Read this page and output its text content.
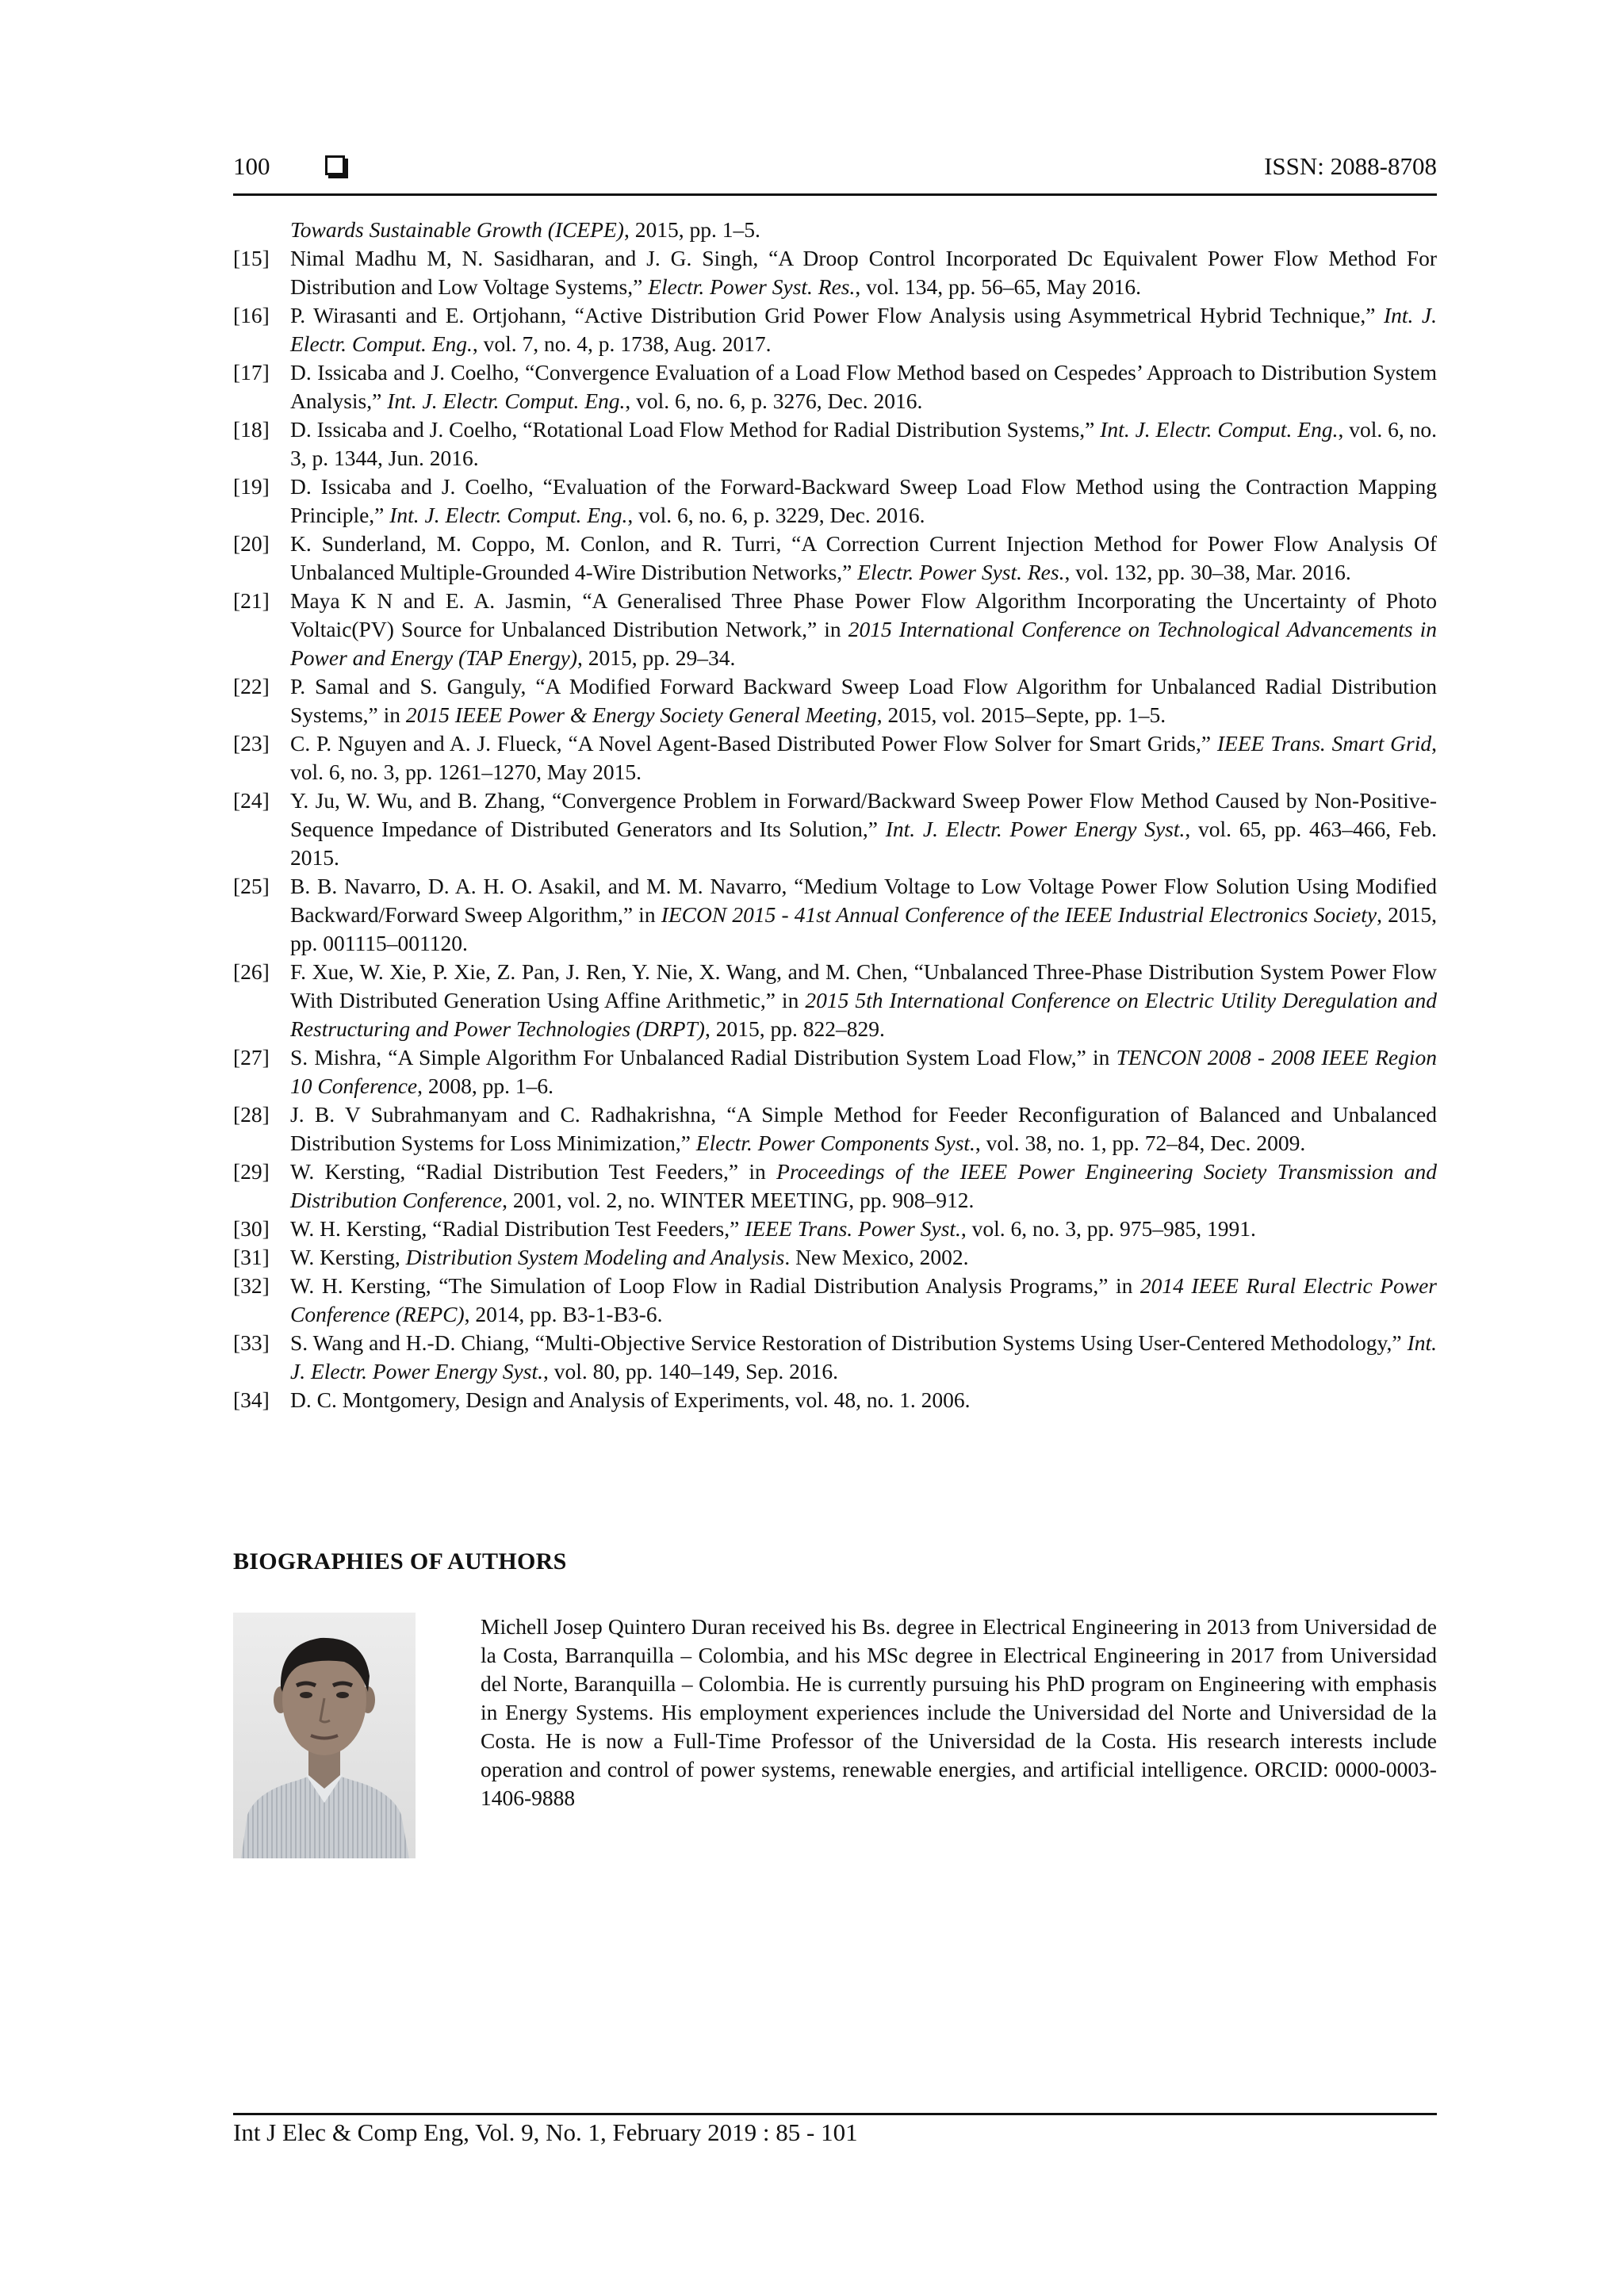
100	ISSN: 2088-8708
Towards Sustainable Growth (ICEPE), 2015, pp. 1–5.
[15] Nimal Madhu M, N. Sasidharan, and J. G. Singh, “A Droop Control Incorporated Dc Equivalent Power Flow Method For Distribution and Low Voltage Systems,” Electr. Power Syst. Res., vol. 134, pp. 56–65, May 2016.
[16] P. Wirasanti and E. Ortjohann, “Active Distribution Grid Power Flow Analysis using Asymmetrical Hybrid Technique,” Int. J. Electr. Comput. Eng., vol. 7, no. 4, p. 1738, Aug. 2017.
[17] D. Issicaba and J. Coelho, “Convergence Evaluation of a Load Flow Method based on Cespedes’ Approach to Distribution System Analysis,” Int. J. Electr. Comput. Eng., vol. 6, no. 6, p. 3276, Dec. 2016.
[18] D. Issicaba and J. Coelho, “Rotational Load Flow Method for Radial Distribution Systems,” Int. J. Electr. Comput. Eng., vol. 6, no. 3, p. 1344, Jun. 2016.
[19] D. Issicaba and J. Coelho, “Evaluation of the Forward-Backward Sweep Load Flow Method using the Contraction Mapping Principle,” Int. J. Electr. Comput. Eng., vol. 6, no. 6, p. 3229, Dec. 2016.
[20] K. Sunderland, M. Coppo, M. Conlon, and R. Turri, “A Correction Current Injection Method for Power Flow Analysis Of Unbalanced Multiple-Grounded 4-Wire Distribution Networks,” Electr. Power Syst. Res., vol. 132, pp. 30–38, Mar. 2016.
[21] Maya K N and E. A. Jasmin, “A Generalised Three Phase Power Flow Algorithm Incorporating the Uncertainty of Photo Voltaic(PV) Source for Unbalanced Distribution Network,” in 2015 International Conference on Technological Advancements in Power and Energy (TAP Energy), 2015, pp. 29–34.
[22] P. Samal and S. Ganguly, “A Modified Forward Backward Sweep Load Flow Algorithm for Unbalanced Radial Distribution Systems,” in 2015 IEEE Power & Energy Society General Meeting, 2015, vol. 2015–Septe, pp. 1–5.
[23] C. P. Nguyen and A. J. Flueck, “A Novel Agent-Based Distributed Power Flow Solver for Smart Grids,” IEEE Trans. Smart Grid, vol. 6, no. 3, pp. 1261–1270, May 2015.
[24] Y. Ju, W. Wu, and B. Zhang, “Convergence Problem in Forward/Backward Sweep Power Flow Method Caused by Non-Positive-Sequence Impedance of Distributed Generators and Its Solution,” Int. J. Electr. Power Energy Syst., vol. 65, pp. 463–466, Feb. 2015.
[25] B. B. Navarro, D. A. H. O. Asakil, and M. M. Navarro, “Medium Voltage to Low Voltage Power Flow Solution Using Modified Backward/Forward Sweep Algorithm,” in IECON 2015 - 41st Annual Conference of the IEEE Industrial Electronics Society, 2015, pp. 001115–001120.
[26] F. Xue, W. Xie, P. Xie, Z. Pan, J. Ren, Y. Nie, X. Wang, and M. Chen, “Unbalanced Three-Phase Distribution System Power Flow With Distributed Generation Using Affine Arithmetic,” in 2015 5th International Conference on Electric Utility Deregulation and Restructuring and Power Technologies (DRPT), 2015, pp. 822–829.
[27] S. Mishra, “A Simple Algorithm For Unbalanced Radial Distribution System Load Flow,” in TENCON 2008 - 2008 IEEE Region 10 Conference, 2008, pp. 1–6.
[28] J. B. V Subrahmanyam and C. Radhakrishna, “A Simple Method for Feeder Reconfiguration of Balanced and Unbalanced Distribution Systems for Loss Minimization,” Electr. Power Components Syst., vol. 38, no. 1, pp. 72–84, Dec. 2009.
[29] W. Kersting, “Radial Distribution Test Feeders,” in Proceedings of the IEEE Power Engineering Society Transmission and Distribution Conference, 2001, vol. 2, no. WINTER MEETING, pp. 908–912.
[30] W. H. Kersting, “Radial Distribution Test Feeders,” IEEE Trans. Power Syst., vol. 6, no. 3, pp. 975–985, 1991.
[31] W. Kersting, Distribution System Modeling and Analysis. New Mexico, 2002.
[32] W. H. Kersting, “The Simulation of Loop Flow in Radial Distribution Analysis Programs,” in 2014 IEEE Rural Electric Power Conference (REPC), 2014, pp. B3-1-B3-6.
[33] S. Wang and H.-D. Chiang, “Multi-Objective Service Restoration of Distribution Systems Using User-Centered Methodology,” Int. J. Electr. Power Energy Syst., vol. 80, pp. 140–149, Sep. 2016.
[34] D. C. Montgomery, Design and Analysis of Experiments, vol. 48, no. 1. 2006.
BIOGRAPHIES OF AUTHORS
Michell Josep Quintero Duran received his Bs. degree in Electrical Engineering in 2013 from Universidad de la Costa, Barranquilla – Colombia, and his MSc degree in Electrical Engineering in 2017 from Universidad del Norte, Baranquilla – Colombia. He is currently pursuing his PhD program on Engineering with emphasis in Energy Systems. His employment experiences include the Universidad del Norte and Universidad de la Costa. He is now a Full-Time Professor of the Universidad de la Costa. His research interests include operation and control of power systems, renewable energies, and artificial intelligence. ORCID: 0000-0003-1406-9888
Int J Elec & Comp Eng, Vol. 9, No. 1, February 2019 : 85 - 101
